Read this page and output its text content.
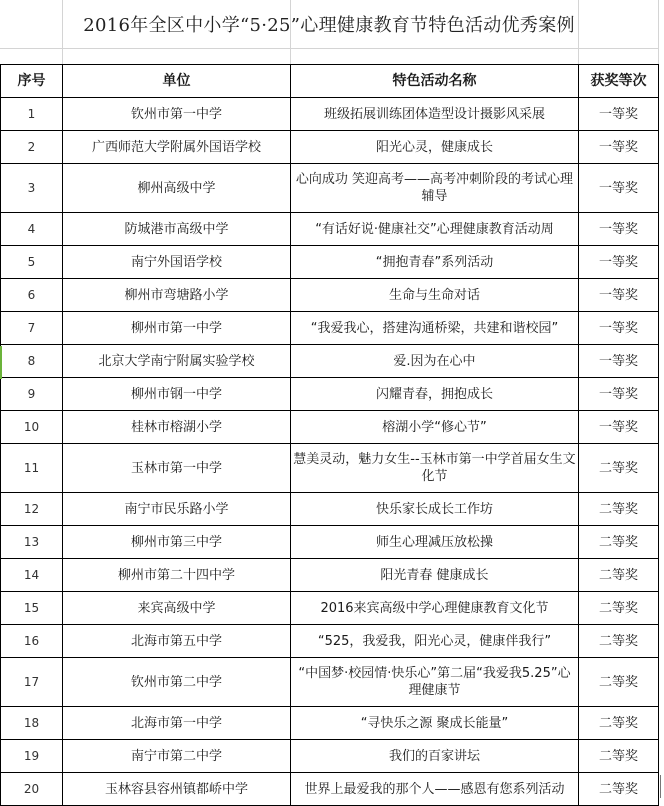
2016年全区中小学“5·25”心理健康教育节特色活动优秀案例
序号	单位	特色活动名称	获奖等次
1	钦州市第一中学	班级拓展训练团体造型设计摄影风采展	一等奖
2	广西师范大学附属外国语学校	阳光心灵，健康成长	一等奖
3	柳州高级中学	心向成功 笑迎高考——高考冲刺阶段的考试心理辅导	一等奖
4	防城港市高级中学	“有话好说·健康社交”心理健康教育活动周	一等奖
5	南宁外国语学校	“拥抱青春”系列活动	一等奖
6	柳州市弯塘路小学	生命与生命对话	一等奖
7	柳州市第一中学	“我爱我心，搭建沟通桥梁，共建和谐校园”	一等奖
8	北京大学南宁附属实验学校	爱.因为在心中	一等奖
9	柳州市钢一中学	闪耀青春，拥抱成长	一等奖
10	桂林市榕湖小学	榕湖小学“修心节”	一等奖
11	玉林市第一中学	慧美灵动，魅力女生--玉林市第一中学首届女生文化节	二等奖
12	南宁市民乐路小学	快乐家长成长工作坊	二等奖
13	柳州市第三中学	师生心理减压放松操	二等奖
14	柳州市第二十四中学	阳光青春 健康成长	二等奖
15	来宾高级中学	2016来宾高级中学心理健康教育文化节	二等奖
16	北海市第五中学	“525，我爱我，阳光心灵，健康伴我行”	二等奖
17	钦州市第二中学	“中国梦·校园情·快乐心”第二届“我爱我5.25”心理健康节	二等奖
18	北海市第一中学	“寻快乐之源 聚成长能量”	二等奖
19	南宁市第二中学	我们的百家讲坛	二等奖
20	玉林容县容州镇都峤中学	世界上最爱我的那个人——感恩有您系列活动	二等奖
